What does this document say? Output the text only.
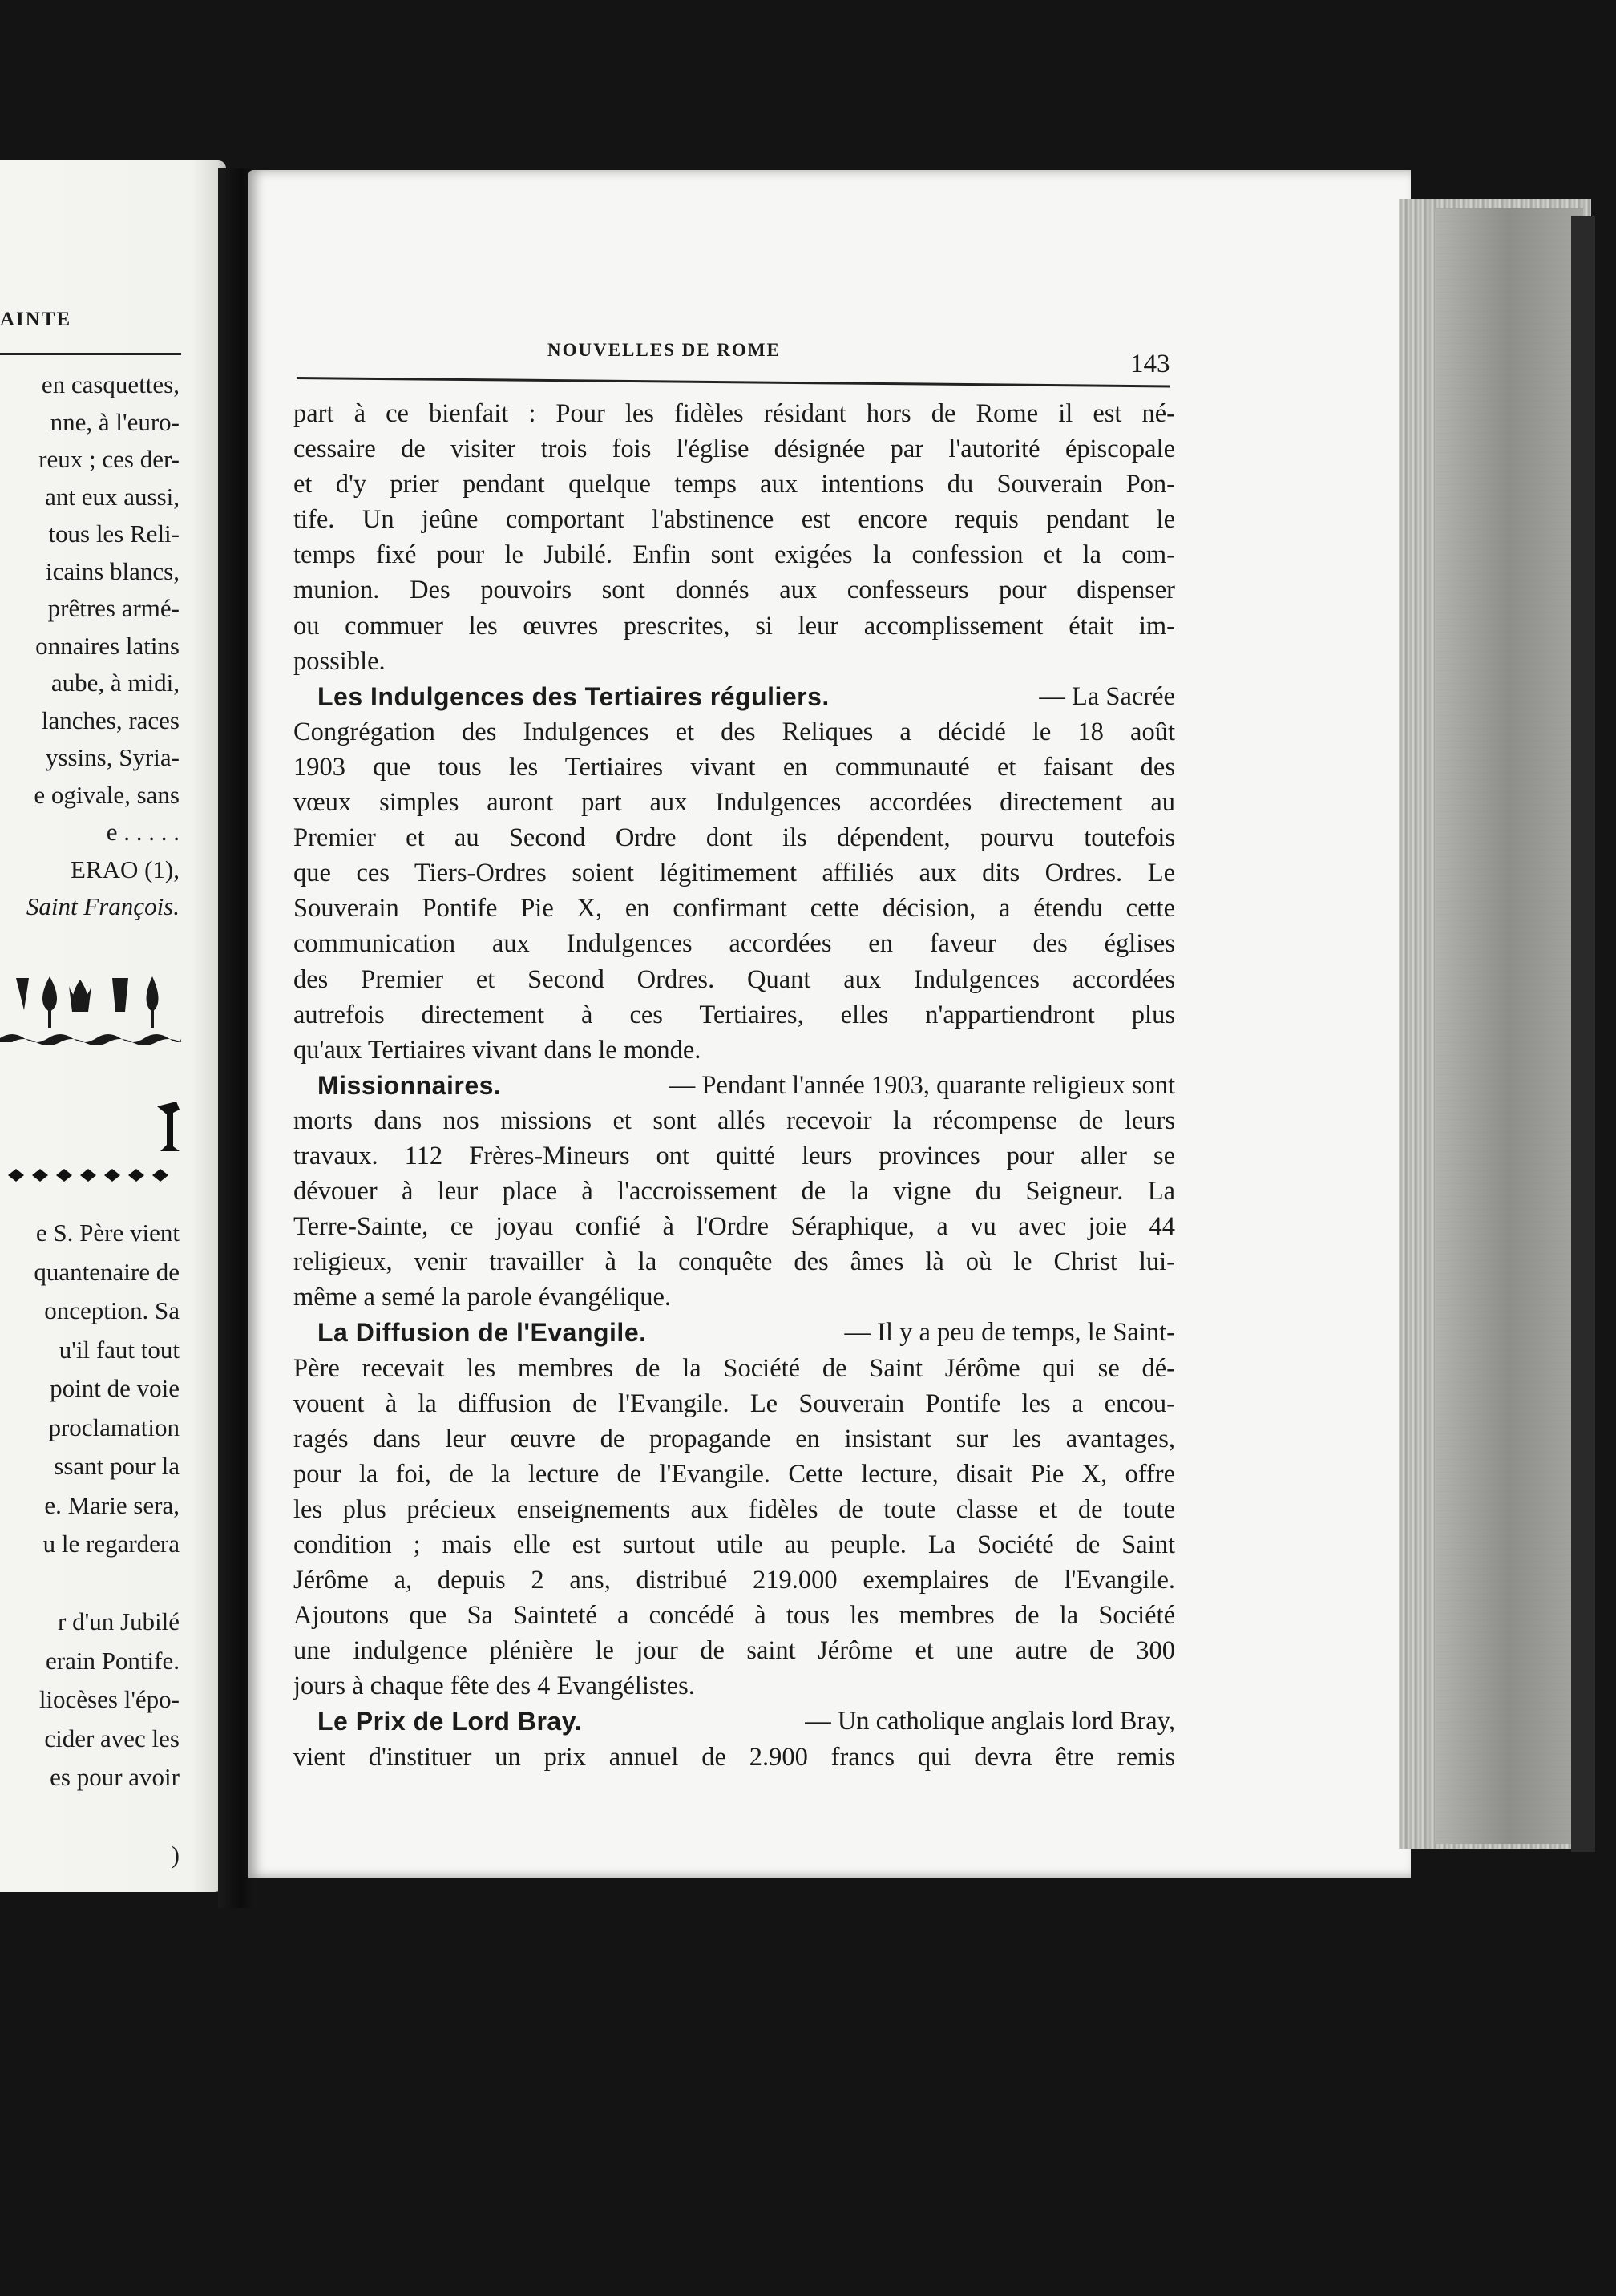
AINTE
en casquettes,
nne, à l'euro-
reux ; ces der-
ant eux aussi,
tous les Reli-
icains blancs,
prêtres armé-
onnaires latins
aube, à midi,
lanches, races
yssins, Syria-
e ogivale, sans
e . . . . .
ERAO (1),
Saint François.
e S. Père vient
quantenaire de
onception. Sa
u'il faut tout
point de voie
proclamation
ssant pour la
e. Marie sera,
u le regardera
r d'un Jubilé
erain Pontife.
liocèses l'épo-
cider avec les
es pour avoir
)
NOUVELLES DE ROME	143
part à ce bienfait : Pour les fidèles résidant hors de Rome il est né-
cessaire de visiter trois fois l'église désignée par l'autorité épiscopale
et d'y prier pendant quelque temps aux intentions du Souverain Pon-
tife. Un jeûne comportant l'abstinence est encore requis pendant le
temps fixé pour le Jubilé. Enfin sont exigées la confession et la com-
munion. Des pouvoirs sont donnés aux confesseurs pour dispenser
ou commuer les œuvres prescrites, si leur accomplissement était im-
possible.
Les Indulgences des Tertiaires réguliers.	— La Sacrée
Congrégation des Indulgences et des Reliques a décidé le 18 août
1903 que tous les Tertiaires vivant en communauté et faisant des
vœux simples auront part aux Indulgences accordées directement au
Premier et au Second Ordre dont ils dépendent, pourvu toutefois
que ces Tiers-Ordres soient légitimement affiliés aux dits Ordres. Le
Souverain Pontife Pie X, en confirmant cette décision, a étendu cette
communication aux Indulgences accordées en faveur des églises
des Premier et Second Ordres. Quant aux Indulgences accordées
autrefois directement à ces Tertiaires, elles n'appartiendront plus
qu'aux Tertiaires vivant dans le monde.
Missionnaires.	— Pendant l'année 1903, quarante religieux sont
morts dans nos missions et sont allés recevoir la récompense de leurs
travaux. 112 Frères-Mineurs ont quitté leurs provinces pour aller se
dévouer à leur place à l'accroissement de la vigne du Seigneur. La
Terre-Sainte, ce joyau confié à l'Ordre Séraphique, a vu avec joie 44
religieux, venir travailler à la conquête des âmes là où le Christ lui-
même a semé la parole évangélique.
La Diffusion de l'Evangile.	— Il y a peu de temps, le Saint-
Père recevait les membres de la Société de Saint Jérôme qui se dé-
vouent à la diffusion de l'Evangile. Le Souverain Pontife les a encou-
ragés dans leur œuvre de propagande en insistant sur les avantages,
pour la foi, de la lecture de l'Evangile. Cette lecture, disait Pie X, offre
les plus précieux enseignements aux fidèles de toute classe et de toute
condition ; mais elle est surtout utile au peuple. La Société de Saint
Jérôme a, depuis 2 ans, distribué 219.000 exemplaires de l'Evangile.
Ajoutons que Sa Sainteté a concédé à tous les membres de la Société
une indulgence plénière le jour de saint Jérôme et une autre de 300
jours à chaque fête des 4 Evangélistes.
Le Prix de Lord Bray.	— Un catholique anglais lord Bray,
vient d'instituer un prix annuel de 2.900 francs qui devra être remis
